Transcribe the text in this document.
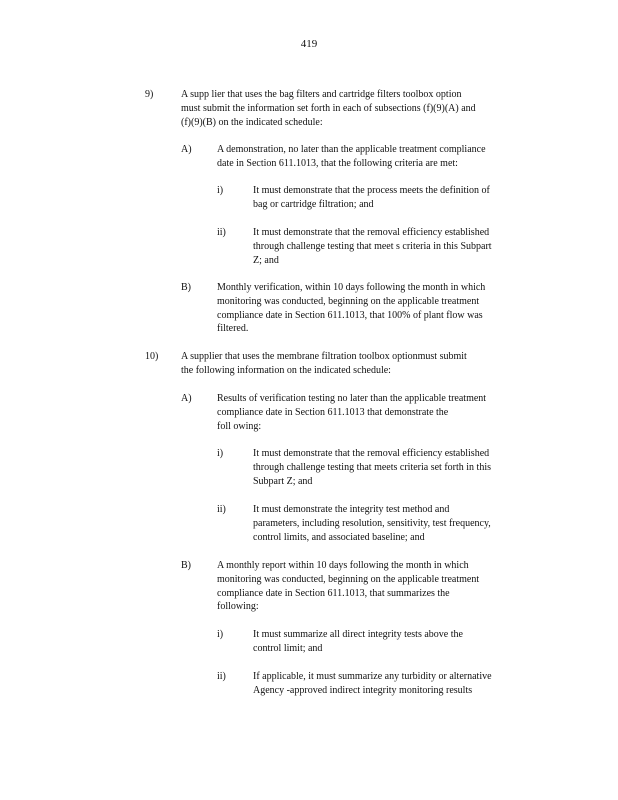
419
9)	A supp lier that uses the bag filters and cartridge filters toolbox option
must submit the information set forth in each of subsections (f)(9)(A) and
(f)(9)(B) on the indicated schedule:
A)	A demonstration, no later than the applicable treatment compliance
date in Section 611.1013, that the following criteria are met:
i)	It must demonstrate that the process meets the definition of
bag or cartridge filtration; and
ii)	It must demonstrate that the removal efficiency established
through challenge testing that meet s criteria in this Subpart
Z; and
B)	Monthly verification, within 10 days following the month in which
monitoring was conducted, beginning on the applicable treatment
compliance date in Section 611.1013, that 100% of plant flow was
filtered.
10) A supplier that uses the membrane filtration toolbox optionmust submit
the following information on the indicated schedule:
A)	Results of verification testing no later than the applicable treatment
compliance date in Section 611.1013 that demonstrate the
foll owing:
i)	It must demonstrate that the removal efficiency established
through challenge testing that meets criteria set forth in this
Subpart Z; and
ii)	It must demonstrate the integrity test method and
parameters, including resolution, sensitivity, test frequency,
control limits, and associated baseline; and
B)	A monthly report within 10 days following the month in which
monitoring was conducted, beginning on the applicable treatment
compliance date in Section 611.1013, that summarizes the
following:
i)	It must summarize all direct integrity tests above the
control limit; and
ii)	If applicable, it must summarize any turbidity or alternative
Agency -approved indirect integrity monitoring results
